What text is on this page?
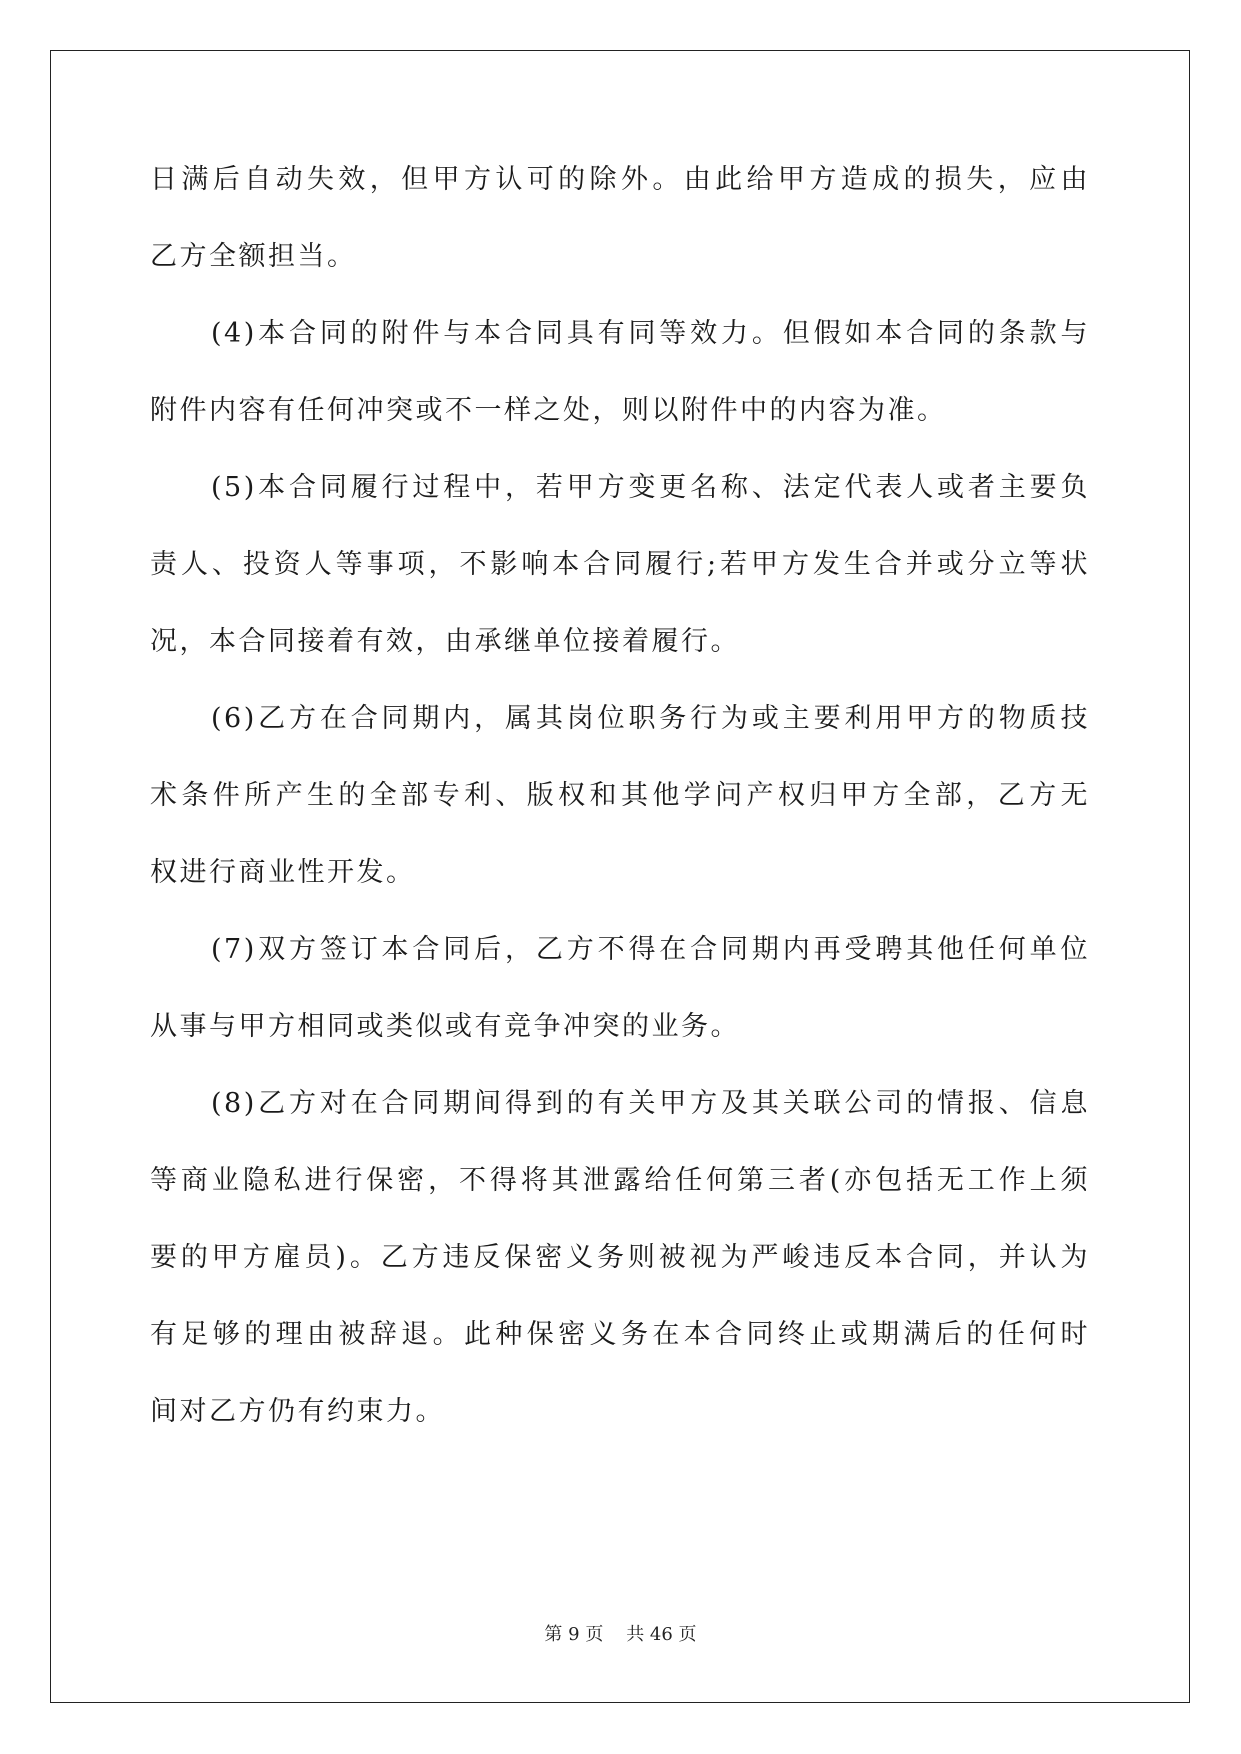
日满后自动失效，但甲方认可的除外。由此给甲方造成的损失，应由
乙方全额担当。
(4)本合同的附件与本合同具有同等效力。但假如本合同的条款与
附件内容有任何冲突或不一样之处，则以附件中的内容为准。
(5)本合同履行过程中，若甲方变更名称、法定代表人或者主要负
责人、投资人等事项，不影响本合同履行;若甲方发生合并或分立等状
况，本合同接着有效，由承继单位接着履行。
(6)乙方在合同期内，属其岗位职务行为或主要利用甲方的物质技
术条件所产生的全部专利、版权和其他学问产权归甲方全部，乙方无
权进行商业性开发。
(7)双方签订本合同后，乙方不得在合同期内再受聘其他任何单位
从事与甲方相同或类似或有竞争冲突的业务。
(8)乙方对在合同期间得到的有关甲方及其关联公司的情报、信息
等商业隐私进行保密，不得将其泄露给任何第三者(亦包括无工作上须
要的甲方雇员)。乙方违反保密义务则被视为严峻违反本合同，并认为
有足够的理由被辞退。此种保密义务在本合同终止或期满后的任何时
间对乙方仍有约束力。
第 9 页    共 46 页
